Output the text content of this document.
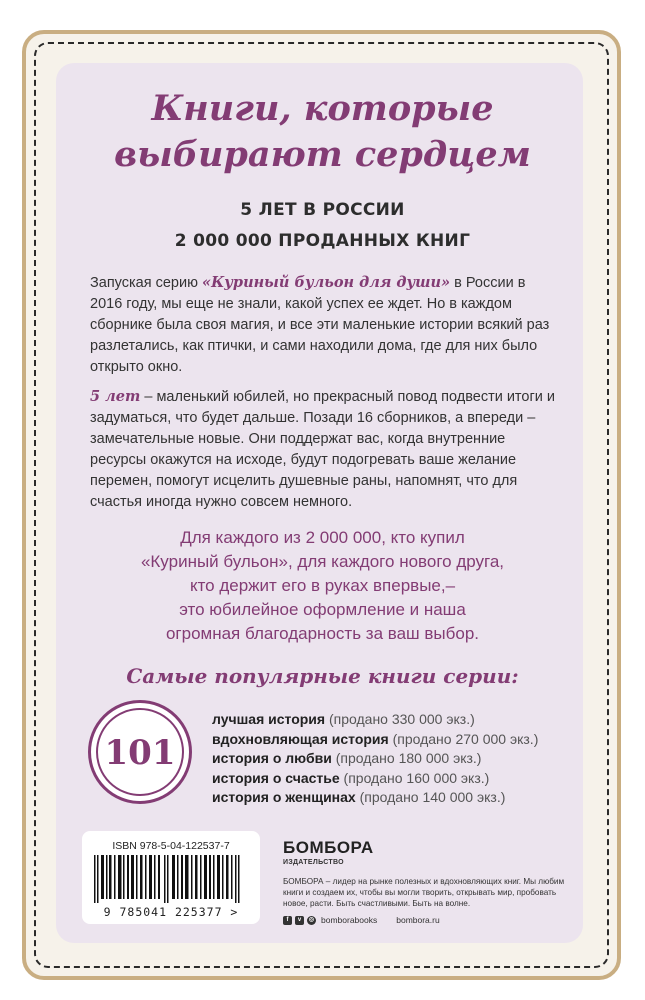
Книги, которые
выбирают сердцем
5 ЛЕТ В РОССИИ
2 000 000 ПРОДАННЫХ КНИГ
Запуская серию «Куриный бульон для души» в России в 2016 году, мы еще не знали, какой успех ее ждет. Но в каждом сборнике была своя магия, и все эти маленькие истории всякий раз разлетались, как птички, и сами находили дома, где для них было открыто окно.
5 лет – маленький юбилей, но прекрасный повод подвести итоги и задуматься, что будет дальше. Позади 16 сборников, а впереди – замечательные новые. Они поддержат вас, когда внутренние ресурсы окажутся на исходе, будут подогревать ваше желание перемен, помогут исцелить душевные раны, напомнят, что для счастья иногда нужно совсем немного.
Для каждого из 2 000 000, кто купил
«Куриный бульон», для каждого нового друга,
кто держит его в руках впервые,–
это юбилейное оформление и наша
огромная благодарность за ваш выбор.
Самые популярные книги серии:
101
лучшая история (продано 330 000 экз.)
вдохновляющая история (продано 270 000 экз.)
история о любви (продано 180 000 экз.)
история о счастье (продано 160 000 экз.)
история о женщинах (продано 140 000 экз.)
ISBN 978-5-04-122537-7
9 785041 225377 >
БОМБОРА
ИЗДАТЕЛЬСТВО
БОМБОРА – лидер на рынке полезных и вдохновляющих книг. Мы любим книги и создаем их, чтобы вы могли творить, открывать мир, пробовать новое, расти. Быть счастливыми. Быть на волне.
f	v	◎ bomborabooks bombora.ru
